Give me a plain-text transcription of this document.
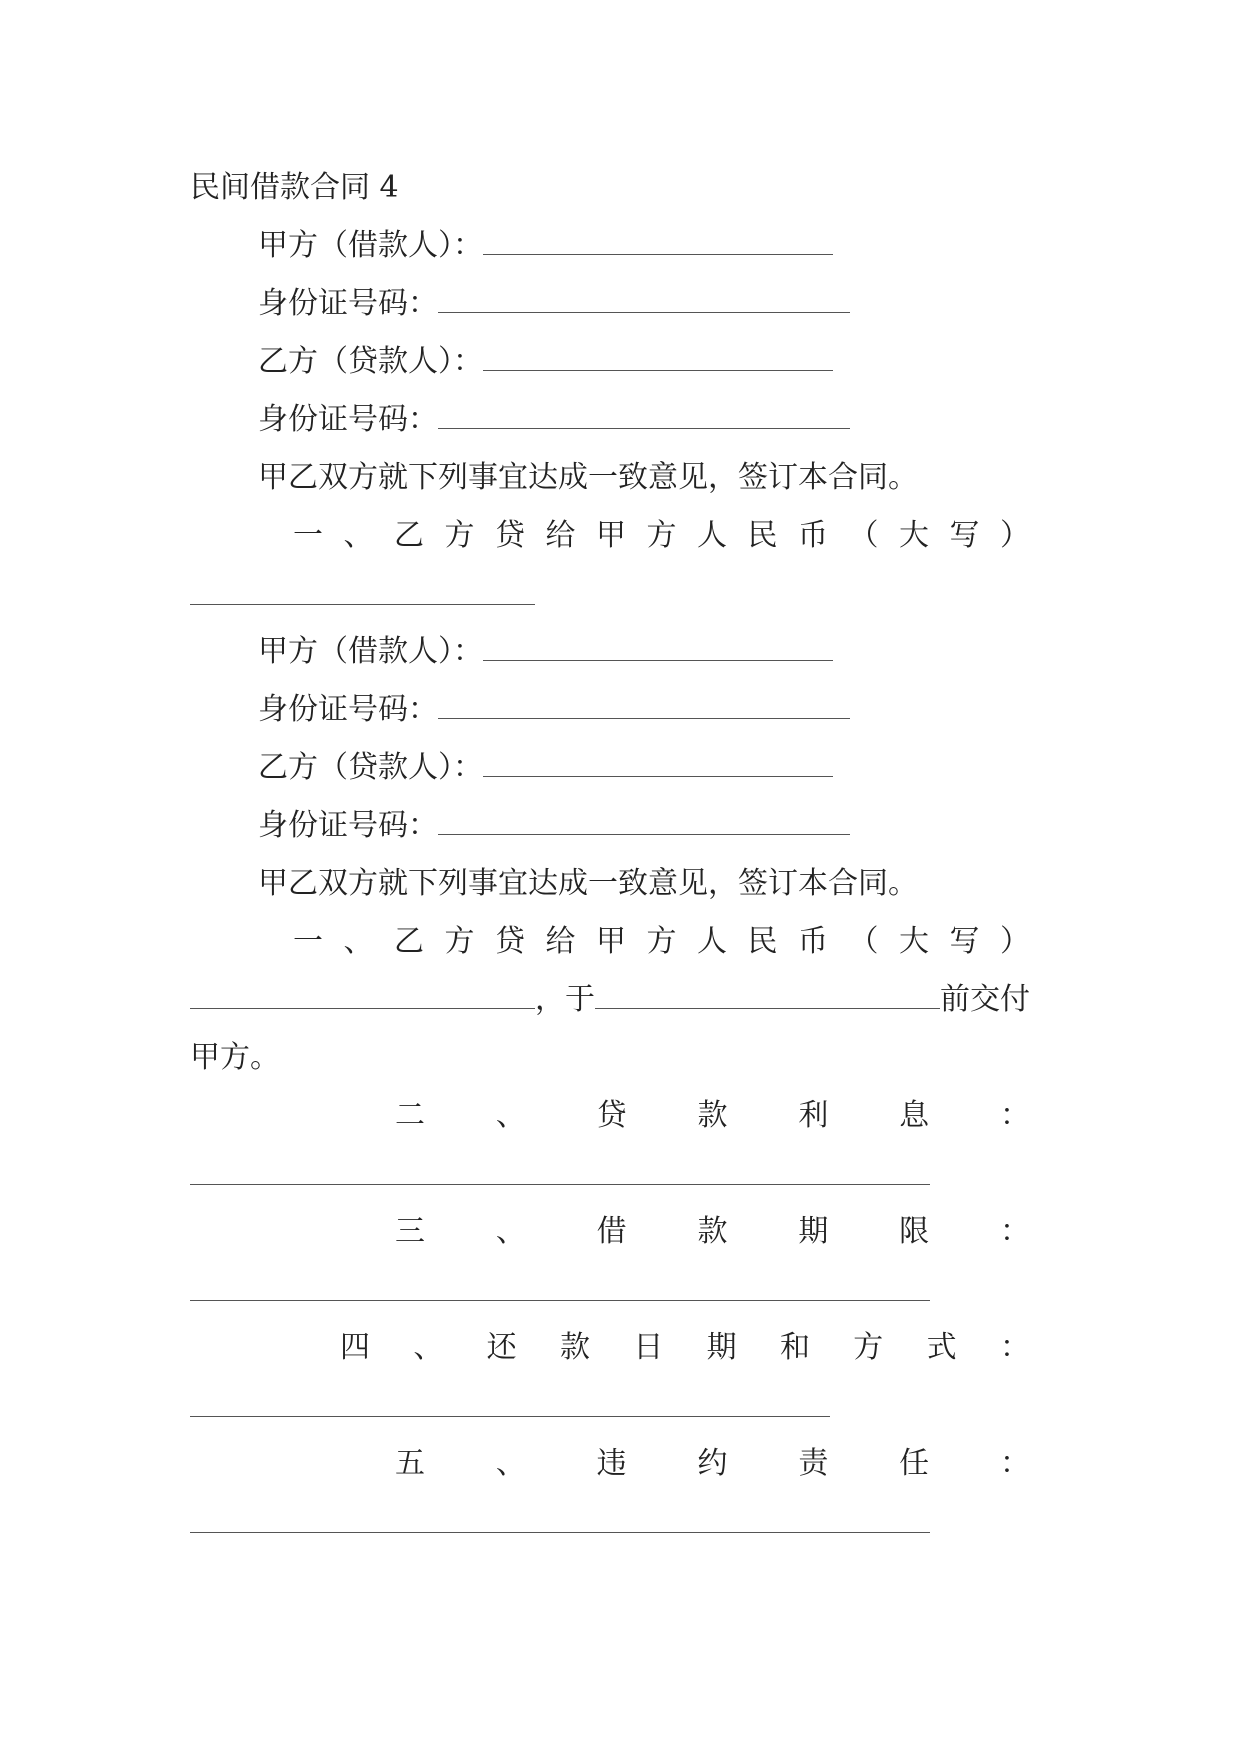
民间借款合同 4
甲方（借款人）：
身份证号码：
乙方（贷款人）：
身份证号码：
甲乙双方就下列事宜达成一致意见，签订本合同。
一 、 乙 方 贷 给 甲 方 人 民 币 （ 大 写 ）
甲方（借款人）：
身份证号码：
乙方（贷款人）：
身份证号码：
甲乙双方就下列事宜达成一致意见，签订本合同。
一 、 乙 方 贷 给 甲 方 人 民 币 （ 大 写 ）
，于	前交付
甲方。
二 、 贷 款 利 息 ：
三 、 借 款 期 限 ：
四 、 还 款 日 期 和 方 式 ：
五 、 违 约 责 任 ：
